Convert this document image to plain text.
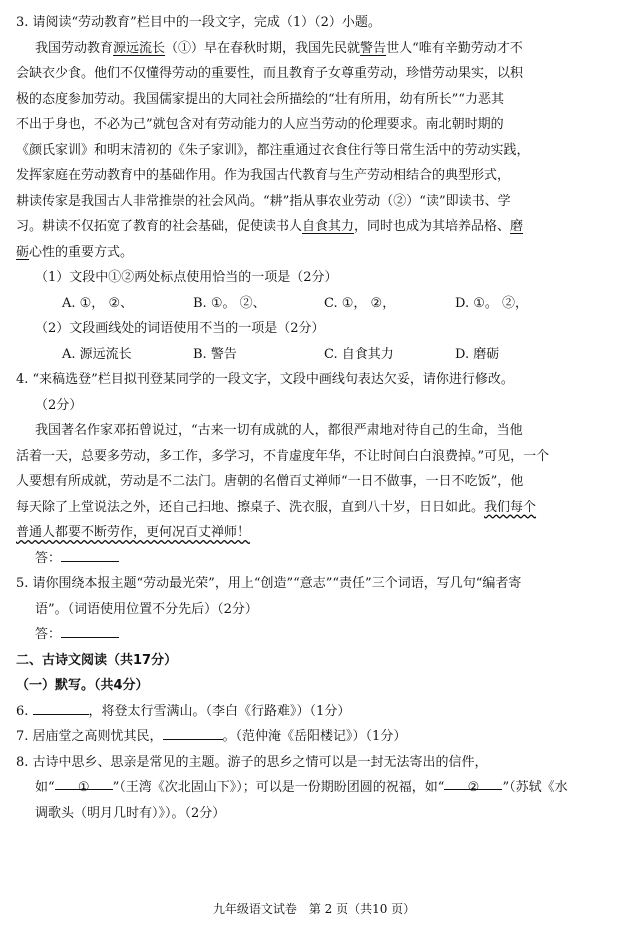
3. 请阅读“劳动教育”栏目中的一段文字，完成（1）（2）小题。
我国劳动教育源远流长（①）早在春秋时期，我国先民就警告世人“唯有辛勤劳动才不
会缺衣少食。他们不仅懂得劳动的重要性，而且教育子女尊重劳动，珍惜劳动果实，以积
极的态度参加劳动。我国儒家提出的大同社会所描绘的“壮有所用，幼有所长”“力恶其
不出于身也，不必为己”就包含对有劳动能力的人应当劳动的伦理要求。南北朝时期的
《颜氏家训》和明末清初的《朱子家训》，都注重通过衣食住行等日常生活中的劳动实践，
发挥家庭在劳动教育中的基础作用。作为我国古代教育与生产劳动相结合的典型形式，
耕读传家是我国古人非常推崇的社会风尚。“耕”指从事农业劳动（②）“读”即读书、学
习。耕读不仅拓宽了教育的社会基础，促使读书人自食其力，同时也成为其培养品格、磨
砺心性的重要方式。
（1）文段中①②两处标点使用恰当的一项是（2分）
A. ①， ②、	B. ①。 ②、	C. ①， ②，	D. ①。 ②，
（2）文段画线处的词语使用不当的一项是（2分）
A. 源远流长	B. 警告	C. 自食其力	D. 磨砺
4. “来稿选登”栏目拟刊登某同学的一段文字，文段中画线句表达欠妥，请你进行修改。
（2分）
我国著名作家邓拓曾说过，“古来一切有成就的人，都很严肃地对待自己的生命，当他
活着一天，总要多劳动，多工作，多学习，不肯虚度年华，不让时间白白浪费掉。”可见，一个
人要想有所成就，劳动是不二法门。唐朝的名僧百丈禅师“一日不做事，一日不吃饭”，他
每天除了上堂说法之外，还自己扫地、擦桌子、洗衣服，直到八十岁，日日如此。我们每个
普通人都要不断劳作，更何况百丈禅师！
答：
5. 请你围绕本报主题“劳动最光荣”，用上“创造”“意志”“责任”三个词语，写几句“编者寄
语”。（词语使用位置不分先后）（2分）
答：
二、古诗文阅读（共17分）
（一）默写。（共4分）
6.	，将登太行雪满山。（李白《行路难》）（1分）
7. 居庙堂之高则忧其民，	。（范仲淹《岳阳楼记》）（1分）
8. 古诗中思乡、思亲是常见的主题。游子的思乡之情可以是一封无法寄出的信件，
如“ ① ”（王湾《次北固山下》）；可以是一份期盼团圆的祝福，如“ ② ”（苏轼《水
调歌头（明月几时有）》）。（2分）
九年级语文试卷　第 2 页（共10 页）
